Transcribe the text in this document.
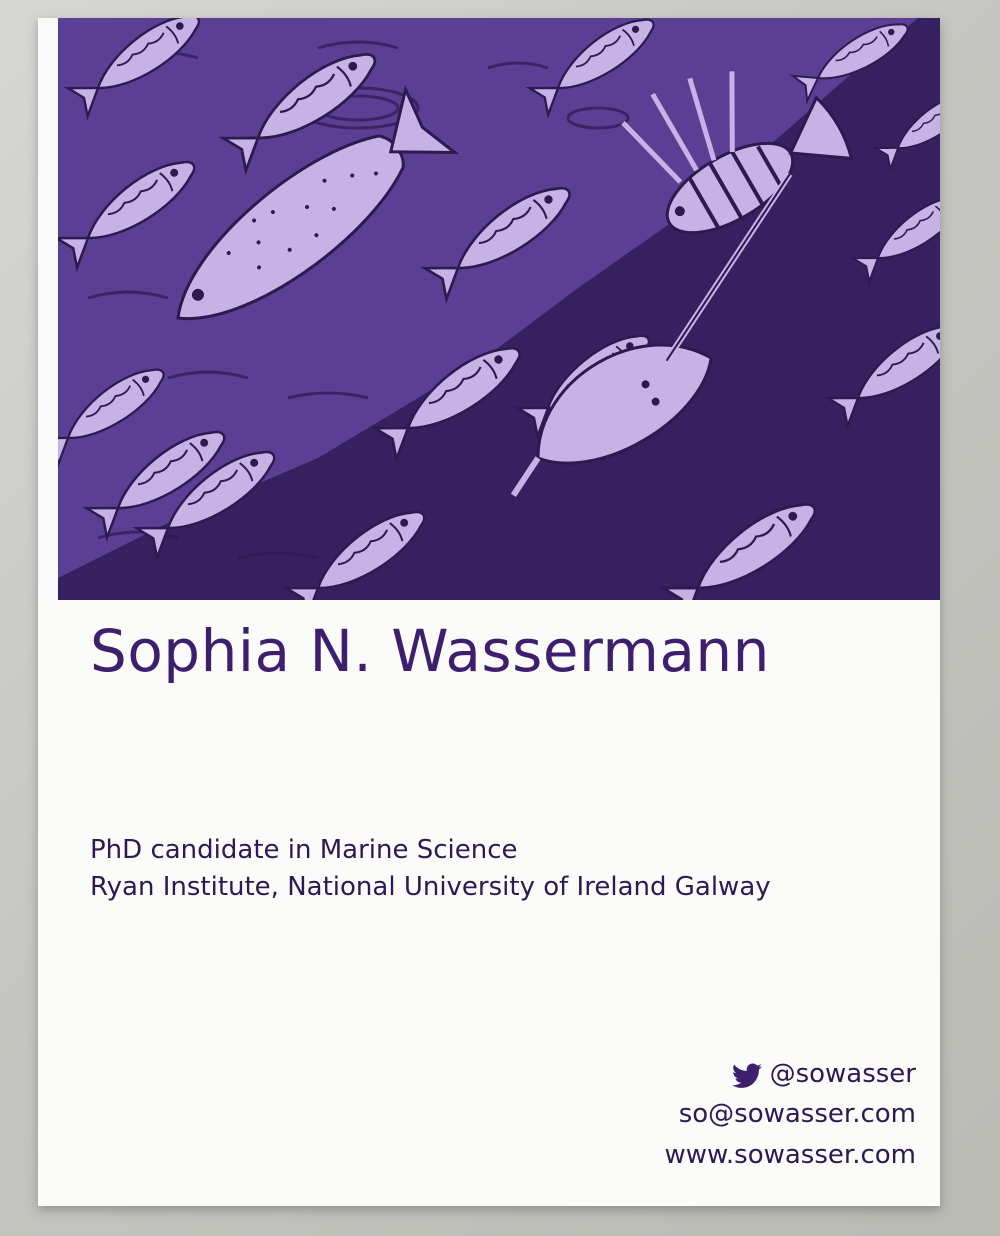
Sophia N. Wassermann
PhD candidate in Marine Science
Ryan Institute, National University of Ireland Galway
@sowasser
so@sowasser.com
www.sowasser.com
